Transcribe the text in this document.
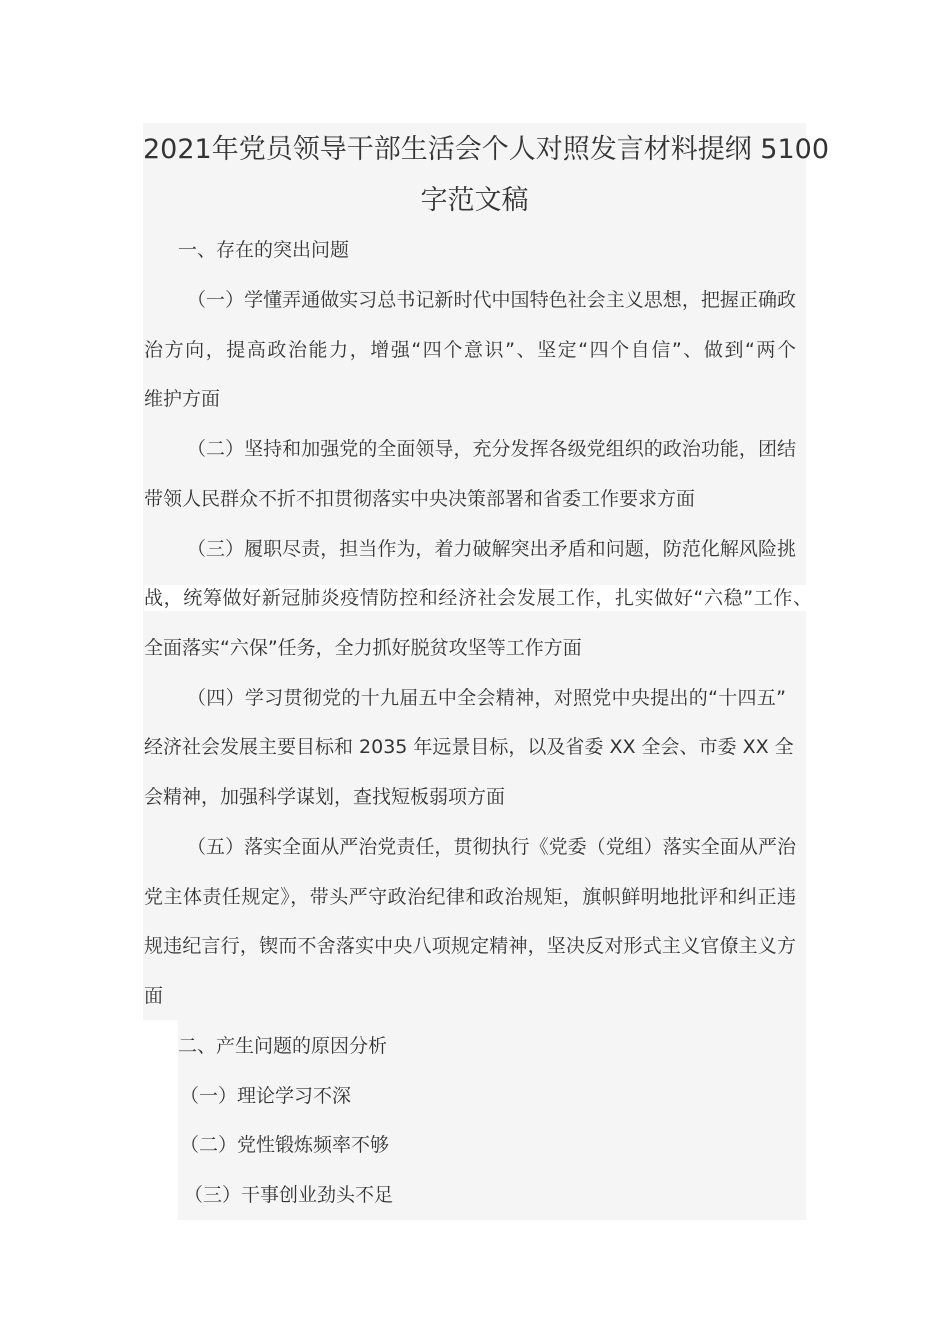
2021年党员领导干部生活会个人对照发言材料提纲 5100
字范文稿
一、存在的突出问题
（一）学懂弄通做实习总书记新时代中国特色社会主义思想，把握正确政
治方向，提高政治能力，增强“四个意识”、坚定“四个自信”、做到“两个
维护方面
（二）坚持和加强党的全面领导，充分发挥各级党组织的政治功能，团结
带领人民群众不折不扣贯彻落实中央决策部署和省委工作要求方面
（三）履职尽责，担当作为，着力破解突出矛盾和问题，防范化解风险挑
战，统筹做好新冠肺炎疫情防控和经济社会发展工作，扎实做好“六稳”工作、
全面落实“六保”任务，全力抓好脱贫攻坚等工作方面
（四）学习贯彻党的十九届五中全会精神，对照党中央提出的“十四五”
经济社会发展主要目标和 2035 年远景目标，以及省委 XX 全会、市委 XX 全
会精神，加强科学谋划，查找短板弱项方面
（五）落实全面从严治党责任，贯彻执行《党委（党组）落实全面从严治
党主体责任规定》，带头严守政治纪律和政治规矩，旗帜鲜明地批评和纠正违
规违纪言行，锲而不舍落实中央八项规定精神，坚决反对形式主义官僚主义方
面
二、产生问题的原因分析
（一）理论学习不深
（二）党性锻炼频率不够
（三）干事创业劲头不足
